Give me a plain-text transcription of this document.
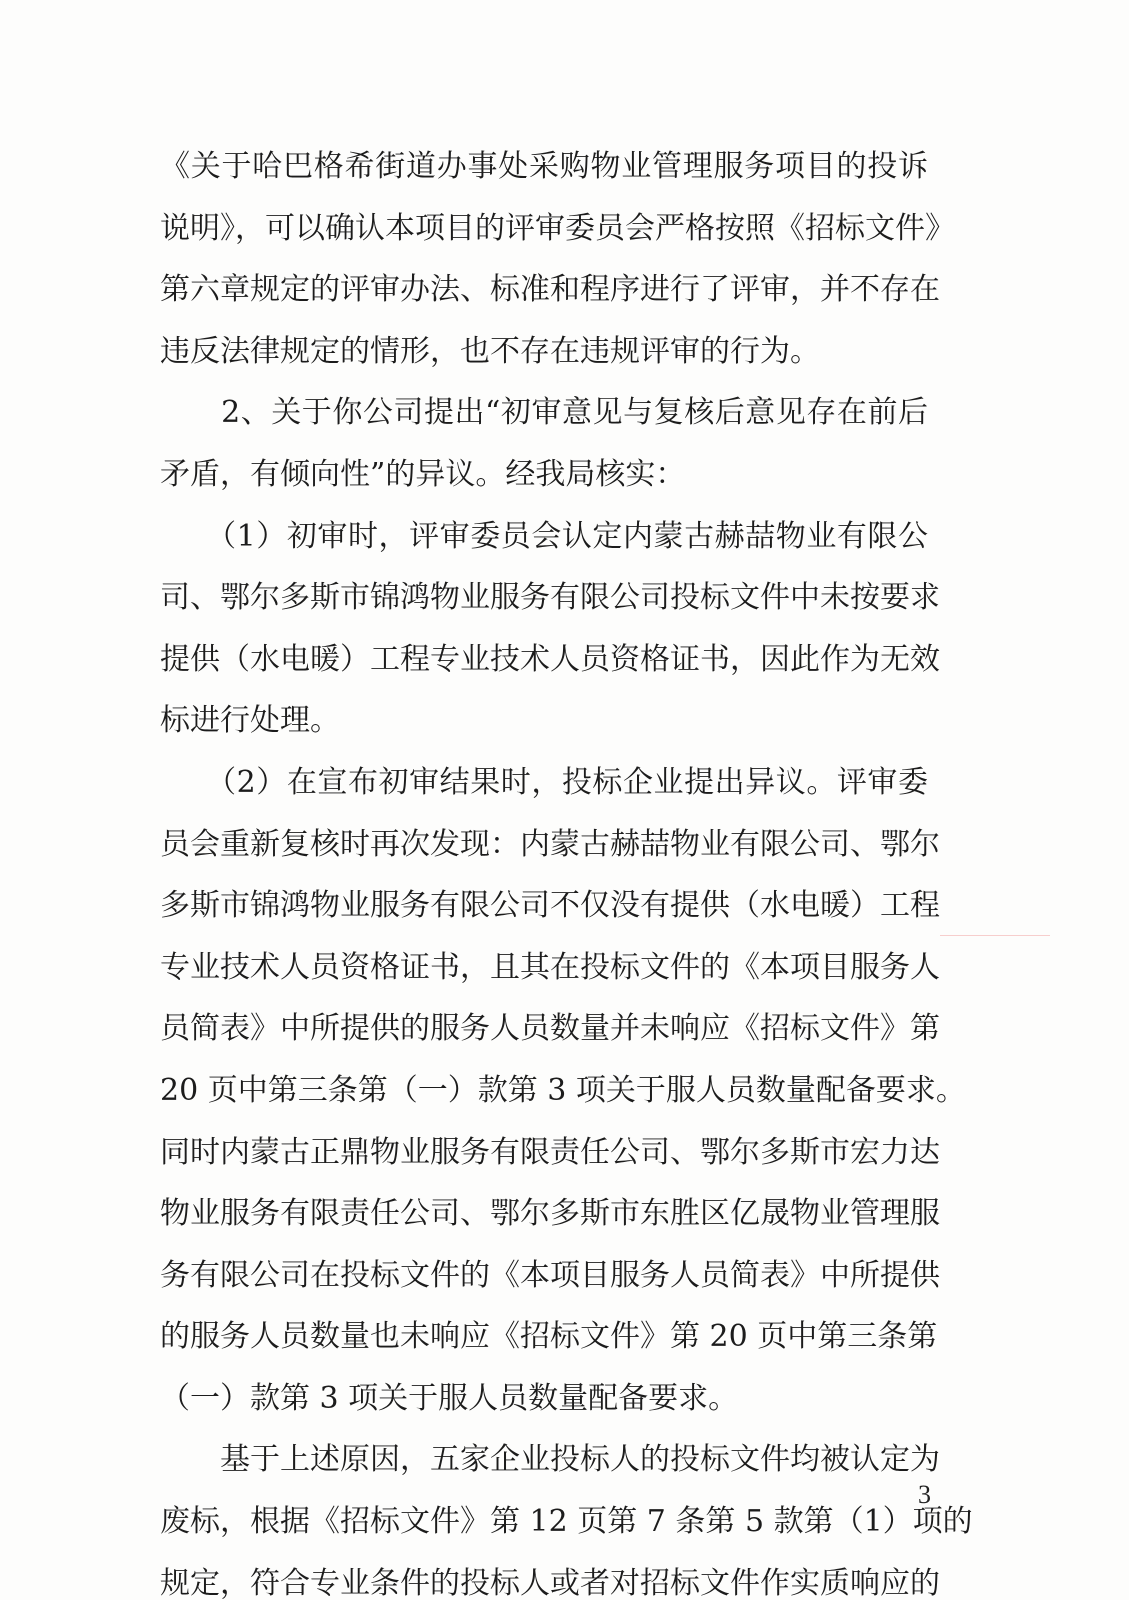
《关于哈巴格希街道办事处采购物业管理服务项目的投诉
说明》，可以确认本项目的评审委员会严格按照《招标文件》
第六章规定的评审办法、标准和程序进行了评审，并不存在
违反法律规定的情形，也不存在违规评审的行为。
　　2、关于你公司提出“初审意见与复核后意见存在前后
矛盾，有倾向性”的异议。经我局核实：
　　（1）初审时，评审委员会认定内蒙古赫喆物业有限公
司、鄂尔多斯市锦鸿物业服务有限公司投标文件中未按要求
提供（水电暖）工程专业技术人员资格证书，因此作为无效
标进行处理。
　　（2）在宣布初审结果时，投标企业提出异议。评审委
员会重新复核时再次发现：内蒙古赫喆物业有限公司、鄂尔
多斯市锦鸿物业服务有限公司不仅没有提供（水电暖）工程
专业技术人员资格证书，且其在投标文件的《本项目服务人
员简表》中所提供的服务人员数量并未响应《招标文件》第
20 页中第三条第（一）款第 3 项关于服人员数量配备要求。
同时内蒙古正鼎物业服务有限责任公司、鄂尔多斯市宏力达
物业服务有限责任公司、鄂尔多斯市东胜区亿晟物业管理服
务有限公司在投标文件的《本项目服务人员简表》中所提供
的服务人员数量也未响应《招标文件》第 20 页中第三条第
（一）款第 3 项关于服人员数量配备要求。
　　基于上述原因，五家企业投标人的投标文件均被认定为
废标，根据《招标文件》第 12 页第 7 条第 5 款第（1）项的
规定，符合专业条件的投标人或者对招标文件作实质响应的
3
